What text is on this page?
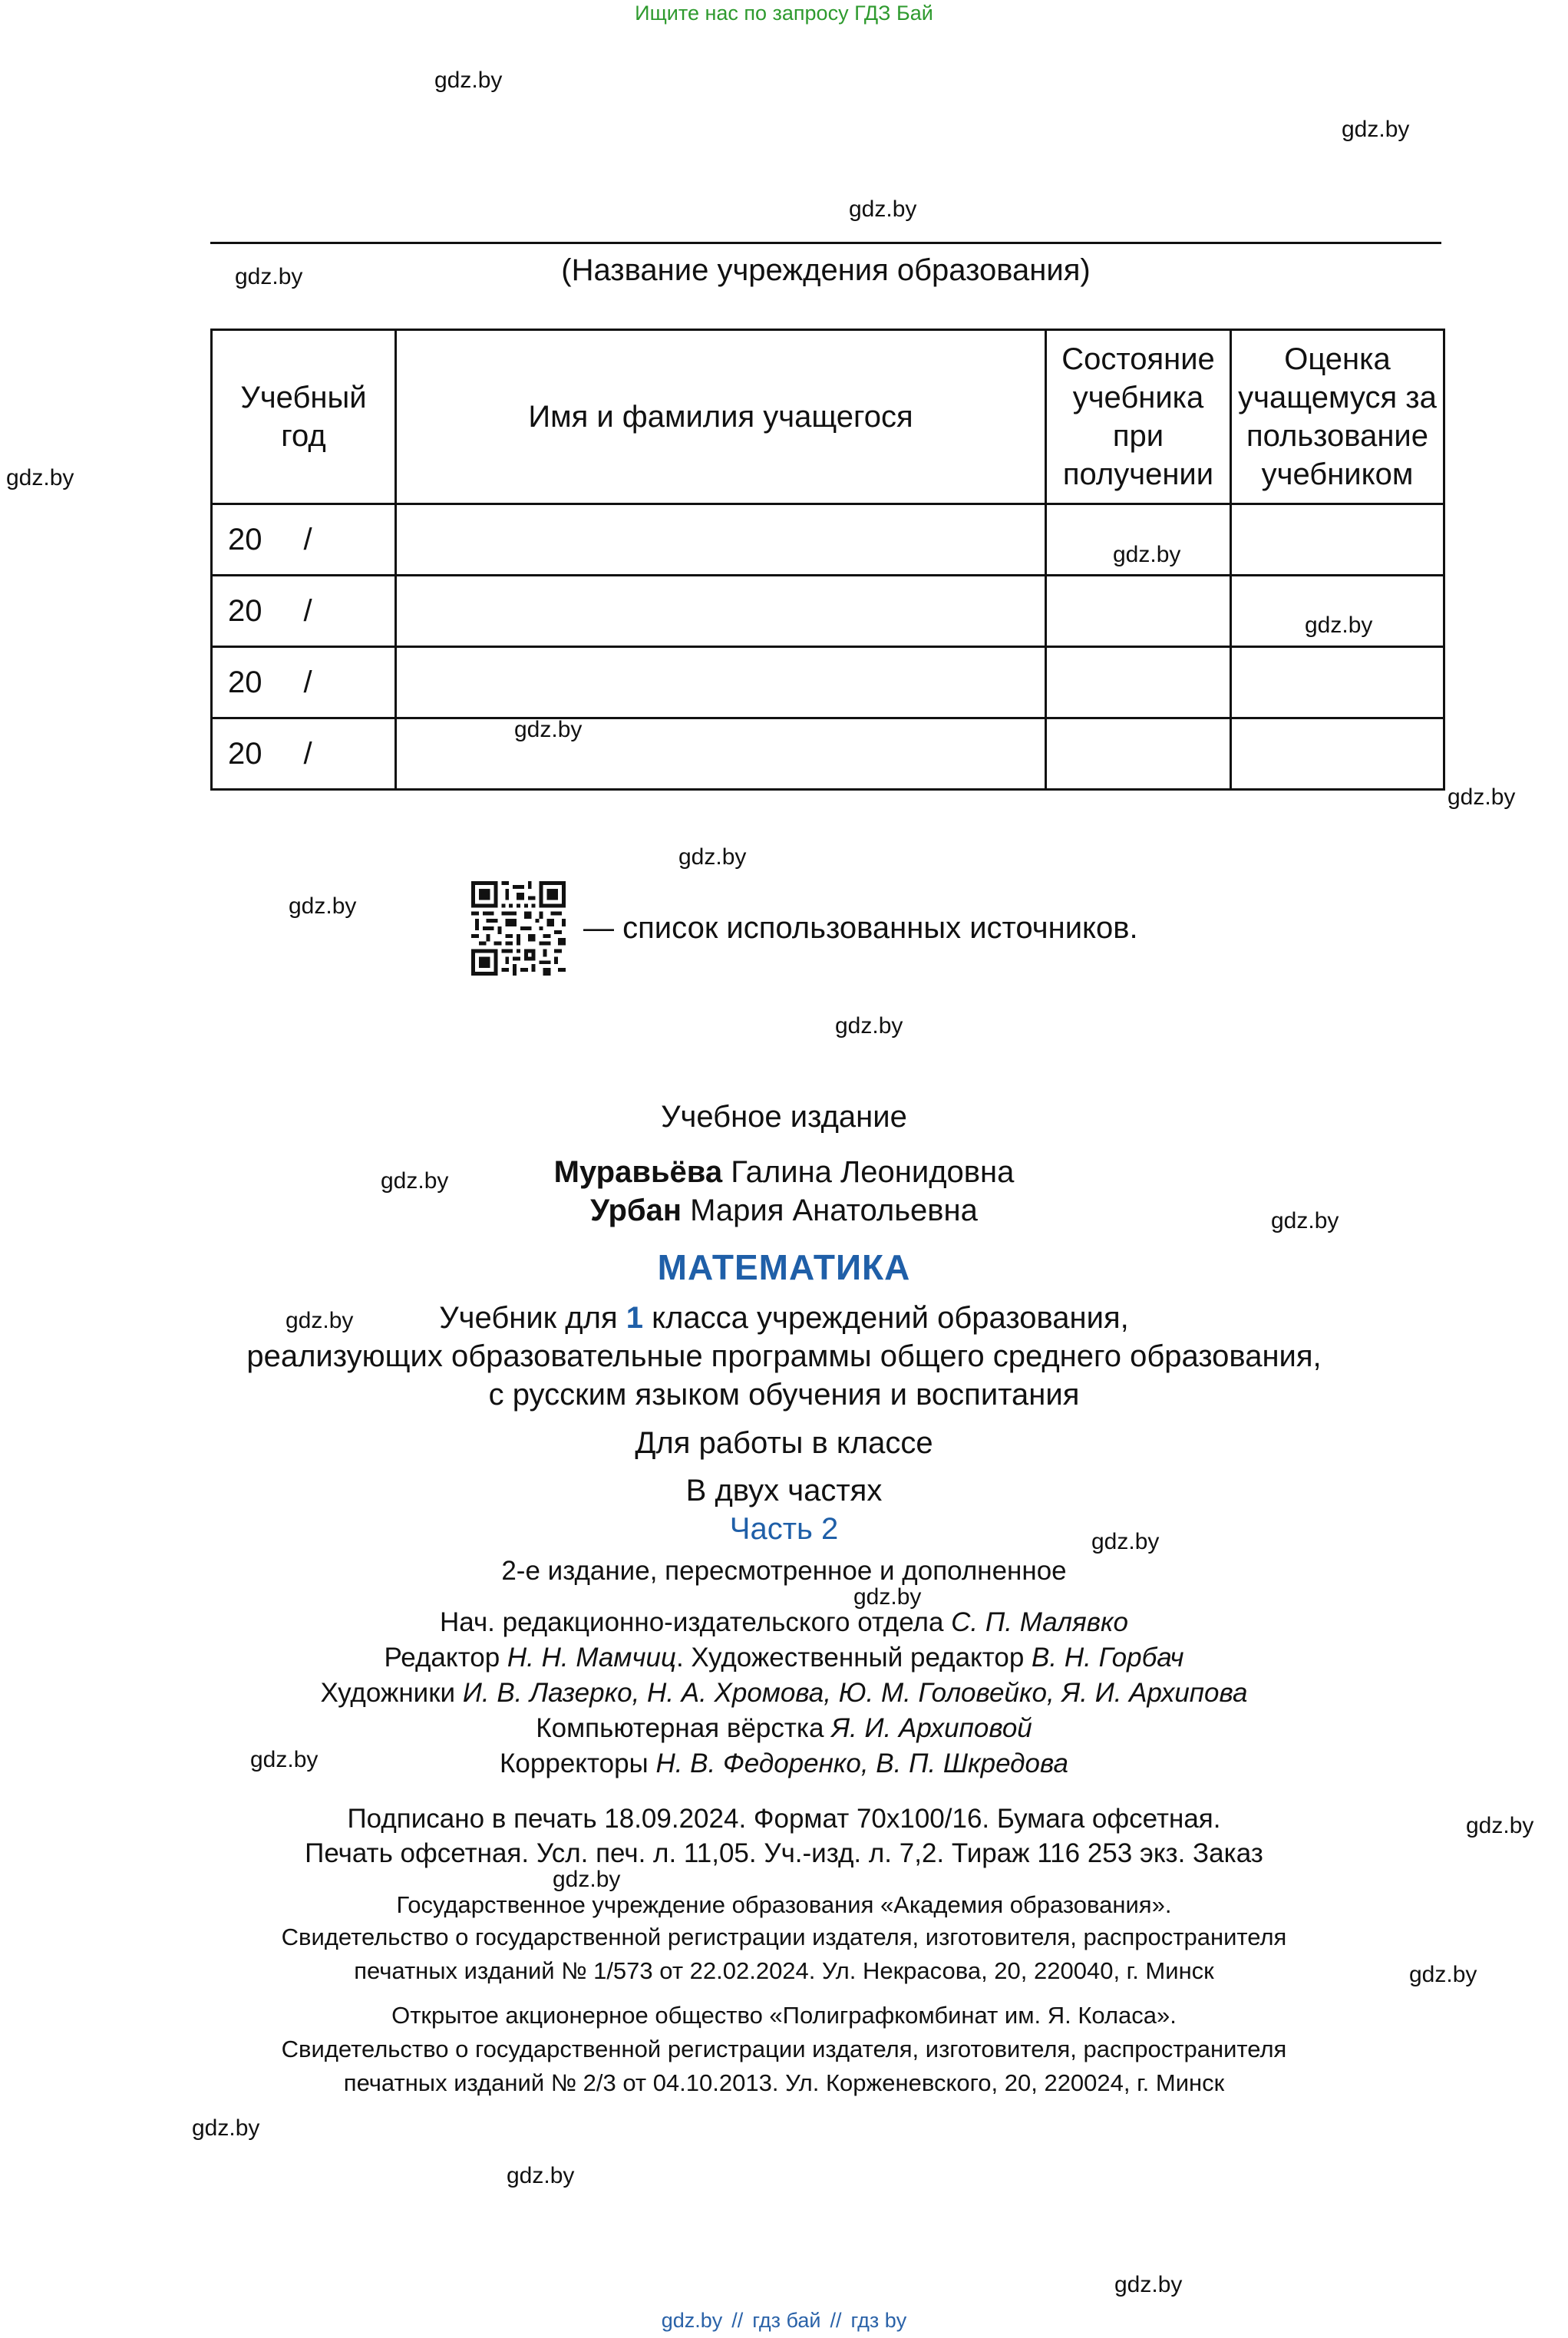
Ищите нас по запросу ГДЗ Бай
gdz.by
gdz.by
gdz.by
gdz.by
gdz.by
gdz.by
gdz.by
gdz.by
gdz.by
gdz.by
gdz.by
gdz.by
gdz.by
gdz.by
gdz.by
gdz.by
gdz.by
gdz.by
gdz.by
gdz.by
gdz.by
gdz.by
gdz.by
gdz.by
(Название учреждения образования)
Учебный год	Имя и фамилия учащегося	Состояние учебника при получении	Оценка учащемуся за пользование учебником
20 /			
20 /			
20 /			
20 /			
— список использованных источников.
Учебное издание
Муравьёва Галина Леонидовна
Урбан Мария Анатольевна
МАТЕМАТИКА
Учебник для 1 класса учреждений образования,
реализующих образовательные программы общего среднего образования,
с русским языком обучения и воспитания
Для работы в классе
В двух частях
Часть 2
2-е издание, пересмотренное и дополненное
Нач. редакционно-издательского отдела С. П. Малявко
Редактор Н. Н. Мамчиц. Художественный редактор В. Н. Горбач
Художники И. В. Лазерко, Н. А. Хромова, Ю. М. Головейко, Я. И. Архипова
Компьютерная вёрстка Я. И. Архиповой
Корректоры Н. В. Федоренко, В. П. Шкредова
Подписано в печать 18.09.2024. Формат 70x100/16. Бумага офсетная.
Печать офсетная. Усл. печ. л. 11,05. Уч.-изд. л. 7,2. Тираж 116 253 экз. Заказ
Государственное учреждение образования «Академия образования».
Свидетельство о государственной регистрации издателя, изготовителя, распространителя
печатных изданий № 1/573 от 22.02.2024. Ул. Некрасова, 20, 220040, г. Минск
Открытое акционерное общество «Полиграфкомбинат им. Я. Коласа».
Свидетельство о государственной регистрации издателя, изготовителя, распространителя
печатных изданий № 2/3 от 04.10.2013. Ул. Корженевского, 20, 220024, г. Минск
gdz.by // гдз бай // гдз by
